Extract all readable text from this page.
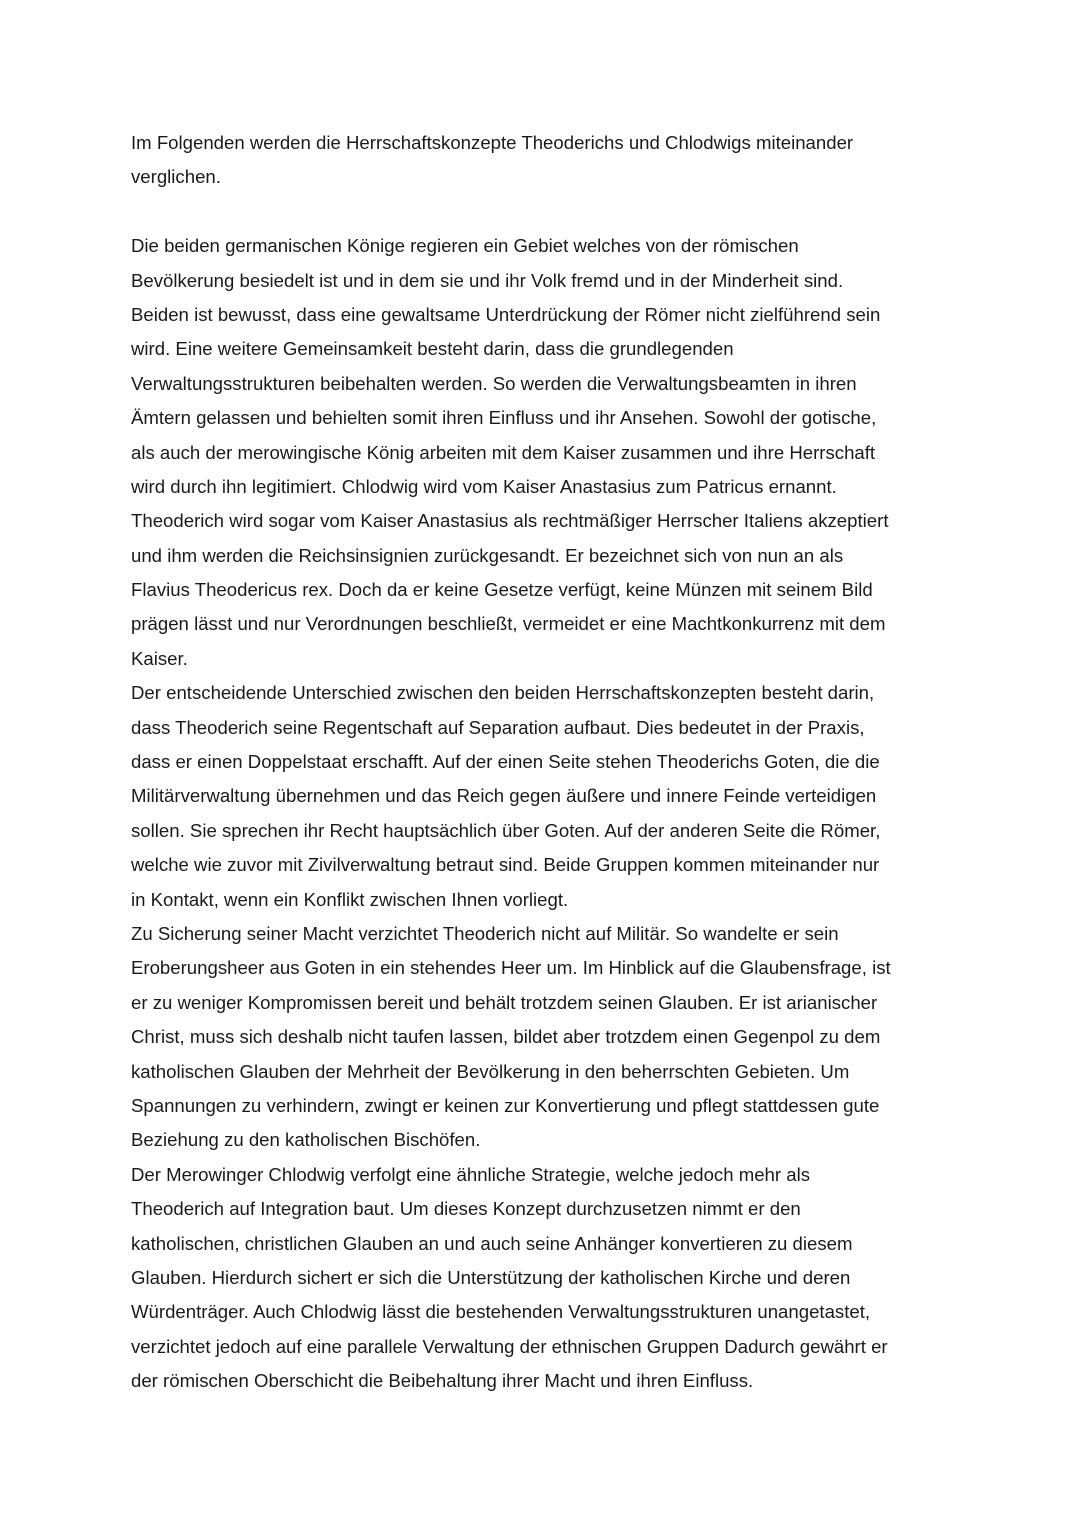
Im Folgenden werden die Herrschaftskonzepte Theoderichs und Chlodwigs miteinander
verglichen.
Die beiden germanischen Könige regieren ein Gebiet welches von der römischen
Bevölkerung besiedelt ist und in dem sie und ihr Volk fremd und in der Minderheit sind.
Beiden ist bewusst, dass eine gewaltsame Unterdrückung der Römer nicht zielführend sein
wird. Eine weitere Gemeinsamkeit besteht darin, dass die grundlegenden
Verwaltungsstrukturen beibehalten werden. So werden die Verwaltungsbeamten in ihren
Ämtern gelassen und behielten somit ihren Einfluss und ihr Ansehen. Sowohl der gotische,
als auch der merowingische König arbeiten mit dem Kaiser zusammen und ihre Herrschaft
wird durch ihn legitimiert. Chlodwig wird vom Kaiser Anastasius zum Patricus ernannt.
Theoderich wird sogar vom Kaiser Anastasius als rechtmäßiger Herrscher Italiens akzeptiert
und ihm werden die Reichsinsignien zurückgesandt. Er bezeichnet sich von nun an als
Flavius Theodericus rex. Doch da er keine Gesetze verfügt, keine Münzen mit seinem Bild
prägen lässt und nur Verordnungen beschließt, vermeidet er eine Machtkonkurrenz mit dem
Kaiser.
Der entscheidende Unterschied zwischen den beiden Herrschaftskonzepten besteht darin,
dass Theoderich seine Regentschaft auf Separation aufbaut. Dies bedeutet in der Praxis,
dass er einen Doppelstaat erschafft. Auf der einen Seite stehen Theoderichs Goten, die die
Militärverwaltung übernehmen und das Reich gegen äußere und innere Feinde verteidigen
sollen. Sie sprechen ihr Recht hauptsächlich über Goten. Auf der anderen Seite die Römer,
welche wie zuvor mit Zivilverwaltung betraut sind. Beide Gruppen kommen miteinander nur
in Kontakt, wenn ein Konflikt zwischen Ihnen vorliegt.
Zu Sicherung seiner Macht verzichtet Theoderich nicht auf Militär. So wandelte er sein
Eroberungsheer aus Goten in ein stehendes Heer um. Im Hinblick auf die Glaubensfrage, ist
er zu weniger Kompromissen bereit und behält trotzdem seinen Glauben. Er ist arianischer
Christ, muss sich deshalb nicht taufen lassen, bildet aber trotzdem einen Gegenpol zu dem
katholischen Glauben der Mehrheit der Bevölkerung in den beherrschten Gebieten. Um
Spannungen zu verhindern, zwingt er keinen zur Konvertierung und pflegt stattdessen gute
Beziehung zu den katholischen Bischöfen.
Der Merowinger Chlodwig verfolgt eine ähnliche Strategie, welche jedoch mehr als
Theoderich auf Integration baut. Um dieses Konzept durchzusetzen nimmt er den
katholischen, christlichen Glauben an und auch seine Anhänger konvertieren zu diesem
Glauben. Hierdurch sichert er sich die Unterstützung der katholischen Kirche und deren
Würdenträger. Auch Chlodwig lässt die bestehenden Verwaltungsstrukturen unangetastet,
verzichtet jedoch auf eine parallele Verwaltung der ethnischen Gruppen Dadurch gewährt er
der römischen Oberschicht die Beibehaltung ihrer Macht und ihren Einfluss.
